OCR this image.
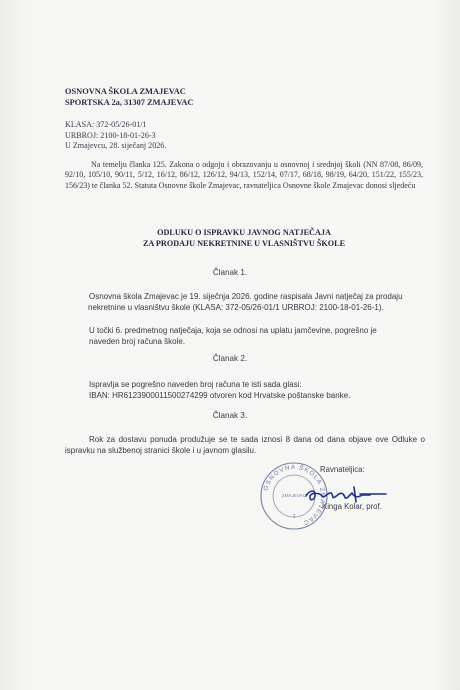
OSNOVNA ŠKOLA ZMAJEVAC
SPORTSKA 2a, 31307 ZMAJEVAC
KLASA: 372-05/26-01/1
URBROJ: 2100-18-01-26-3
U Zmajevcu, 28. siječanj 2026.
Na temelju članka 125. Zakona o odgoju i obrazovanju u osnovnoj i srednjoj školi (NN 87/08, 86/09, 92/10, 105/10, 90/11, 5/12, 16/12, 86/12, 126/12, 94/13, 152/14, 07/17, 68/18, 98/19, 64/20, 151/22, 155/23, 156/23) te članka 52. Statuta Osnovne škole Zmajevac, ravnateljica Osnovne škole Zmajevac donosi sljedeću
ODLUKU O ISPRAVKU JAVNOG NATJEČAJA
ZA PRODAJU NEKRETNINE U VLASNIŠTVU ŠKOLE
Članak 1.
Osnovna škola Zmajevac je 19. siječnja 2026. godine raspisala Javni natječaj za prodaju
nekretnine u vlasništvu škole (KLASA: 372-05/26-01/1 URBROJ: 2100-18-01-26-1).
U točki 6. predmetnog natječaja, koja se odnosi na uplatu jamčevine, pogrešno je
naveden broj računa škole.
Članak 2.
Ispravlja se pogrešno naveden broj računa te isti sada glasi:
IBAN: HR6123900011500274299 otvoren kod Hrvatske poštanske banke.
Članak 3.
Rok za dostavu ponuda produžuje se te sada iznosi 8 dana od dana objave ove Odluke o ispravku na službenoj stranici škole i u javnom glasilu.
OSNOVNA ŠKOLA ZMAJEVAC
ZMAJEVAC
2
Ravnateljica:
Kinga Kolar, prof.
